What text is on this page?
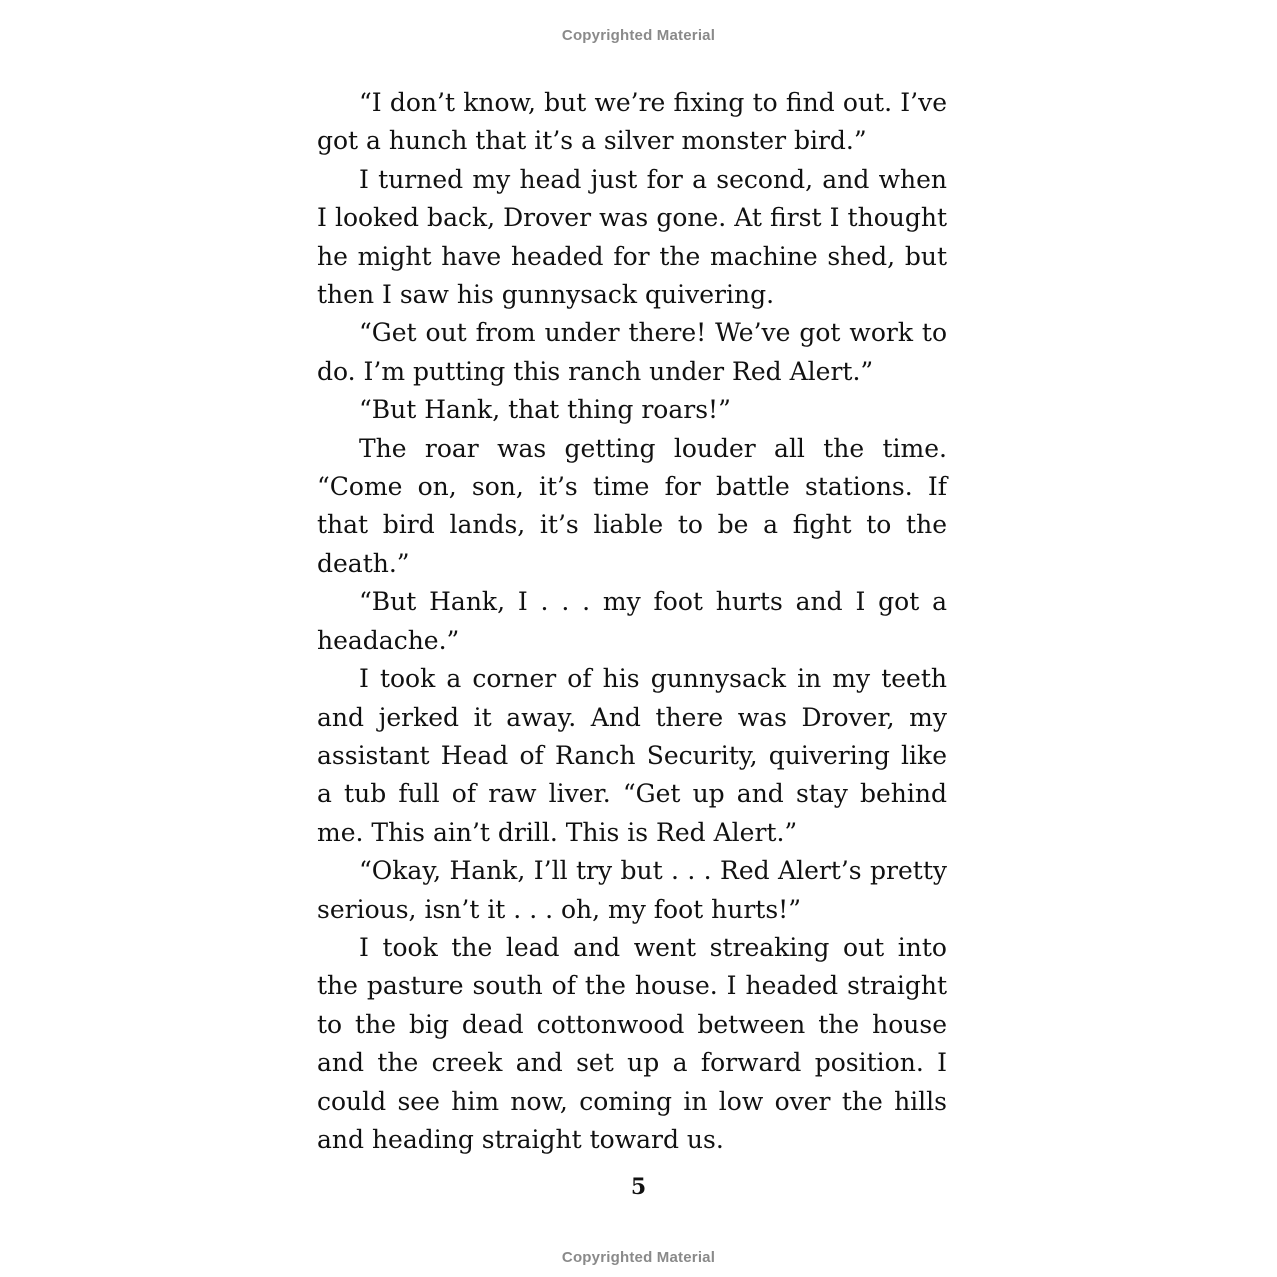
Copyrighted Material

“I don’t know, but we’re fixing to find out. I’ve got a hunch that it’s a silver monster bird.”

I turned my head just for a second, and when I looked back, Drover was gone. At first I thought he might have headed for the machine shed, but then I saw his gunnysack quivering.

“Get out from under there! We’ve got work to do. I’m putting this ranch under Red Alert.”

“But Hank, that thing roars!”

The roar was getting louder all the time. “Come on, son, it’s time for battle stations. If that bird lands, it’s liable to be a fight to the death.”

“But Hank, I . . . my foot hurts and I got a headache.”

I took a corner of his gunnysack in my teeth and jerked it away. And there was Drover, my assistant Head of Ranch Security, quivering like a tub full of raw liver. “Get up and stay behind me. This ain’t drill. This is Red Alert.”

“Okay, Hank, I’ll try but . . . Red Alert’s pretty serious, isn’t it . . . oh, my foot hurts!”

I took the lead and went streaking out into the pasture south of the house. I headed straight to the big dead cottonwood between the house and the creek and set up a forward position. I could see him now, coming in low over the hills and heading straight toward us.

5
Copyrighted Material
